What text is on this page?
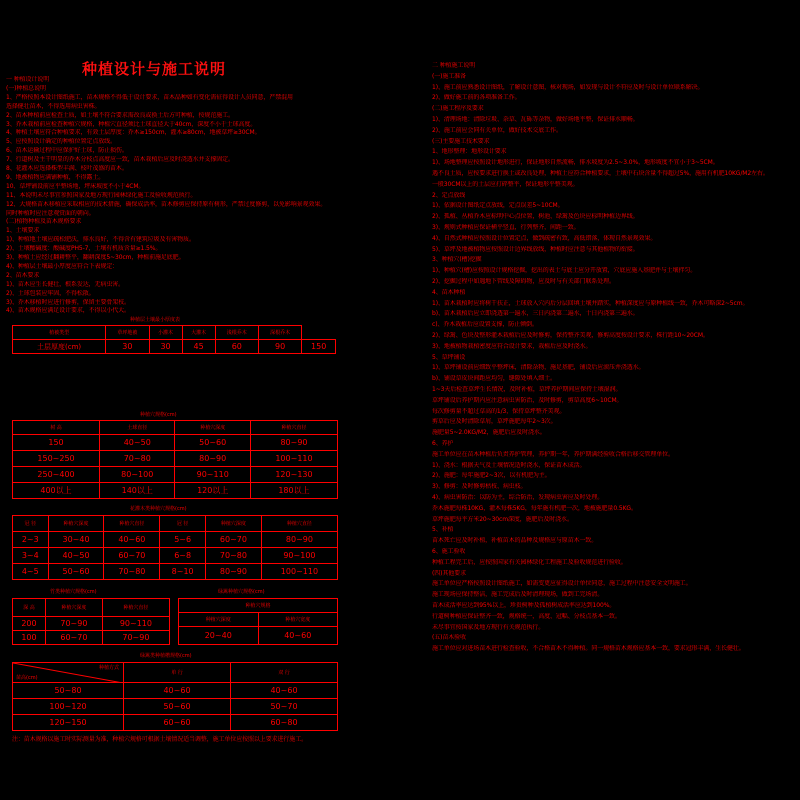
种植设计与施工说明
一 种植设计说明
(一)种植总说明
1、严格按照本设计图纸施工，苗木规格不得低于设计要求，苗木品种如有变化需征得设计人员同意，严禁混用
选择健壮苗木，不得选用病虫害株。
2、苗木种植前应检查土质，如土壤不符合要求需改良或换土后方可种植，按规范施工。
3、乔木栽植前应检查种植穴规格，种植穴直径须比土球直径大于40cm，深度不小于土球高度。
4、种植土壤应符合种植要求，有效土层厚度：乔木≥150cm，灌木≥80cm，地被草坪≥30CM。
5、应按照设计确定的种植位置定点放线。
6、苗木运输过程中应保护好土球，防止损伤。
7、行道树及主干明显的乔木分枝点高度应一致，苗木栽植后应及时浇透水并支撑固定。
8、花灌木应选择株型丰满、枝叶茂盛的苗木。
9、地被植物应满铺种植，不得露土。
10、草坪铺设前应平整场地，坪床坡度不小于4CM。
11、本说明未尽事宜参照国家及地方现行园林绿化施工及验收规范执行。
12、大规格苗木移植应采取相应的技术措施，确保成活率，苗木修剪应保持原有树形，严禁过度修剪，以免影响景观效果。
同时种植时应注意观赏面的朝向。
(二)植物种植及苗木规格要求
1、土壤要求
1)、种植地土壤应疏松肥沃，排水良好，不得含有建筑垃圾及有害物质。
2)、土壤酸碱度：酸碱度PH5-7，土壤有机质含量≥1.5%。
3)、种植土应经过翻耕整平，翻耕深度5~30cm，种植前施足底肥。
4)、种植层土壤最小厚度应符合下表规定：
2、苗木要求
1)、苗木应生长健壮，根系发达，无病虫害。
2)、土球包装应牢固，不得松散。
3)、乔木移植时应进行修剪，保留主要骨架枝。
4)、苗木规格应满足设计要求，不得以小代大。
植被类型	草坪地被	小灌木	大灌木	浅根乔木	深根乔木	
土层厚度(cm)	30	30	45	60	90	150
种植层土壤最小厚度表
种植穴规格(cm)
树 高	土球直径	种植穴深度	种植穴直径
150	40~50	50~60	80~90
150~250	70~80	80~90	100~110
250~400	80~100	90~110	120~130
400以上	140以上	120以上	180以上
花灌木类种植穴规格(cm)
冠 径	种植穴深度	种植穴直径	冠 径	种植穴深度	种植穴直径
2~3	30~40	40~60	5~6	60~70	80~90
3~4	40~50	60~70	6~8	70~80	90~100
4~5	50~60	70~80	8~10	80~90	100~110
竹类种植穴规格(cm)
深 高	种植穴深度	种植穴直径
200	70~90	90~110
100	60~70	70~90
绿篱种植穴规格(cm)
种植穴规格	
种植穴深度	种植穴宽度
20~40	40~60
绿篱类种植槽规格(cm)
种植方式
苗高(cm)	单 行	双 行
50~80	40~60	40~60
100~120	50~60	50~70
120~150	60~60	60~80
注：苗木规格以施工时实际测量为准，种植穴规格可根据土壤情况适当调整，施工单位应按照以上要求进行施工。
二 种植施工说明
(一)施工准备
1)、施工前应熟悉设计图纸，了解设计意图，核对现场，如发现与设计不符应及时与设计单位联系解决。
2)、做好施工前的各项准备工作。
(二)施工程序及要求
1)、清理场地：清除垃圾、杂草、瓦砾等杂物，做好场地平整，保证排水顺畅。
2)、施工前应会同有关单位，做好技术交底工作。
(三)主要施工技术要求
1、地形整理：地形设计要求
1)、场地整理应按照设计地形进行，保证地形自然流畅，排水坡度为2.5~3.0%，地形坡度不宜小于3~5CM。
遇不良土质，应按要求进行换土或改良处理，种植土应符合种植要求，土壤中石块含量不得超过5%，施用有机肥10KG/M2左右。
一般30CM以上的土层应打碎整平，保证地形平整美观。
2、定点放线
1)、依据设计图纸定点放线，定点误差5~10CM。
2)、孤植、丛植乔木应标明中心点位置，树池、绿篱及色块应标明种植边界线。
3)、规则式种植应保证横平竖直，行列整齐，间距一致。
4)、自然式种植应按照设计位置定点，做到疏密有致，高低错落，体现自然景观效果。
5)、草坪及地被植物应按照设计边界线放线，种植时应注意与其他植物的衔接。
3、种植穴(槽)挖掘
1)、种植穴(槽)应按照设计规格挖掘，挖出的表土与底土应分开放置，穴底应施入基肥并与土壤拌匀。
2)、挖掘过程中如遇地下管线及障碍物，应及时与有关部门联系处理。
4、苗木种植
1)、苗木栽植时应将树干扶正，土球放入穴内后分层回填土壤并踏实，种植深度应与原种植线一致，乔木可略深2~5cm。
b)、苗木栽植后应立即浇透第一遍水，三日内浇第二遍水，十日内浇第三遍水。
c)、乔木栽植后应设置支撑，防止倾倒。
2)、绿篱、色块及整形灌木栽植后应及时修剪，保持整齐美观，修剪高度按设计要求，株行距10~20CM。
3)、地被植物栽植密度应符合设计要求，栽植后应及时浇水。
5、草坪铺设
1)、草坪铺设前应细致平整坪床，清除杂物，施足基肥，铺设后应滚压并浇透水。
b)、铺设草皮块间距应均匀，缝隙处填入细土。
1~3天后检查草坪生长情况，及时补植，草坪养护期间应保持土壤湿润。
草坪铺设后养护期内应注意病虫害防治，及时修剪，剪草高度6~10CM。
每次修剪量不超过草高的1/3，保持草坪整齐美观。
剪草后应及时清除草屑，草坪施肥每年2~3次。
施肥量5~2.0KG/M2，施肥后应及时浇水。
6、养护
施工单位应在苗木种植后负责养护管理，养护期一年，养护期满经验收合格后移交管理单位。
1)、浇水：根据天气及土壤情况适时浇水，保证苗木成活。
2)、施肥：每年施肥2~3次，以有机肥为主。
3)、修剪：及时修剪枯枝、病虫枝。
4)、病虫害防治：以防为主，综合防治，发现病虫害应及时处理。
乔木施肥每株10KG，灌木每株5KG，每年施有机肥一次，地被施肥量0.5KG。
草坪施肥每平方米20~30cm深度，施肥后及时浇水。
5、补植
苗木死亡应及时补植，补植苗木的品种及规格应与原苗木一致。
6、施工验收
种植工程完工后，应按照国家有关园林绿化工程施工及验收规范进行验收。
(四)其他要求
施工单位应严格按照设计图纸施工，如需变更应征得设计单位同意，施工过程中注意安全文明施工。
施工现场应保持整洁，施工完成后及时清理现场，做到工完场清。
苗木成活率应达到95%以上，珍贵树种及孤植树成活率应达到100%。
行道树种植应保证整齐一致，规格统一，高度、冠幅、分枝点基本一致。
未尽事宜按国家及地方现行有关规范执行。
(五)苗木验收
施工单位应对进场苗木进行检查验收，不合格苗木不得种植。同一规格苗木规格应基本一致，要求冠形丰满，生长健壮。
